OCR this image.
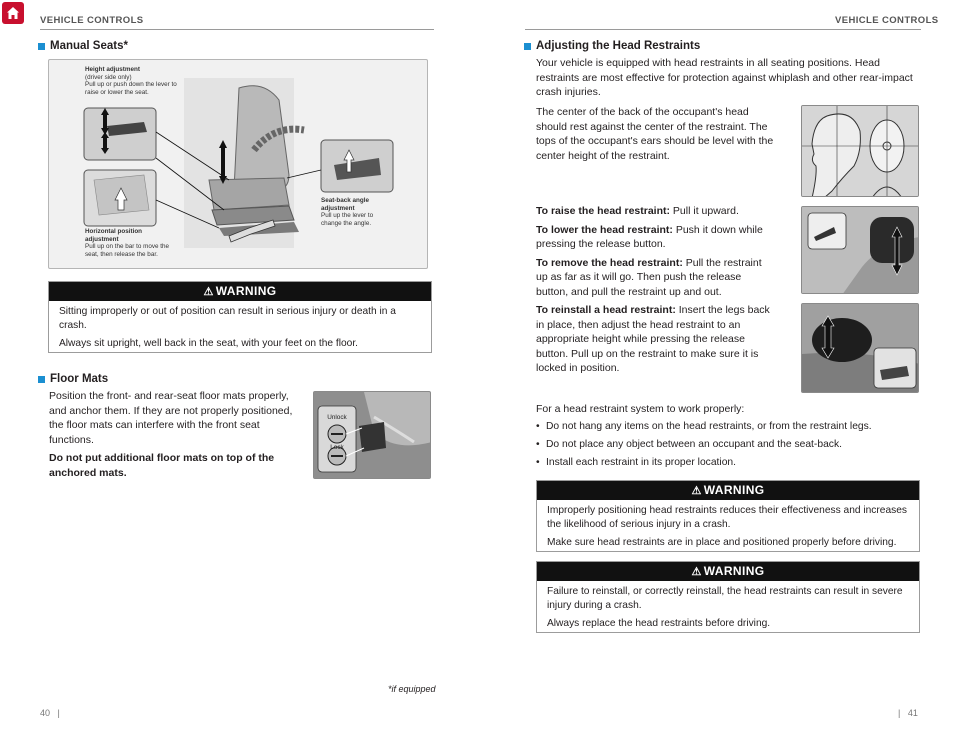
VEHICLE CONTROLS
Manual Seats*
Height adjustment
(driver side only)
Pull up or push down the lever to raise or lower the seat.
Horizontal position adjustment
Pull up on the bar to move the seat, then release the bar.
Seat-back angle adjustment
Pull up the lever to change the angle.
⚠ WARNING

Sitting improperly or out of position can result in serious injury or death in a crash.

Always sit upright, well back in the seat, with your feet on the floor.

Floor Mats

Position the front- and rear-seat floor mats properly, and anchor them. If they are not properly positioned, the floor mats can interfere with the front seat functions.

Do not put additional floor mats on top of the anchored mats.

Unlock
Lock
*if equipped
40   |
VEHICLE CONTROLS
Adjusting the Head Restraints
Your vehicle is equipped with head restraints in all seating positions. Head restraints are most effective for protection against whiplash and other rear-impact crash injuries.
The center of the back of the occupant's head should rest against the center of the restraint. The tops of the occupant's ears should be level with the center height of the restraint.

To raise the head restraint: Pull it upward.

To lower the head restraint: Push it down while pressing the release button.

To remove the head restraint: Pull the restraint up as far as it will go. Then push the release button, and pull the restraint up and out.

To reinstall a head restraint: Insert the legs back in place, then adjust the head restraint to an appropriate height while pressing the release button. Pull up on the restraint to make sure it is locked in position.

For a head restraint system to work properly:
• Do not hang any items on the head restraints, or from the restraint legs.
• Do not place any object between an occupant and the seat-back.
• Install each restraint in its proper location.
⚠ WARNING

Improperly positioning head restraints reduces their effectiveness and increases the likelihood of serious injury in a crash.

Make sure head restraints are in place and positioned properly before driving.

⚠ WARNING

Failure to reinstall, or correctly reinstall, the head restraints can result in severe injury during a crash.

Always replace the head restraints before driving.

|   41
